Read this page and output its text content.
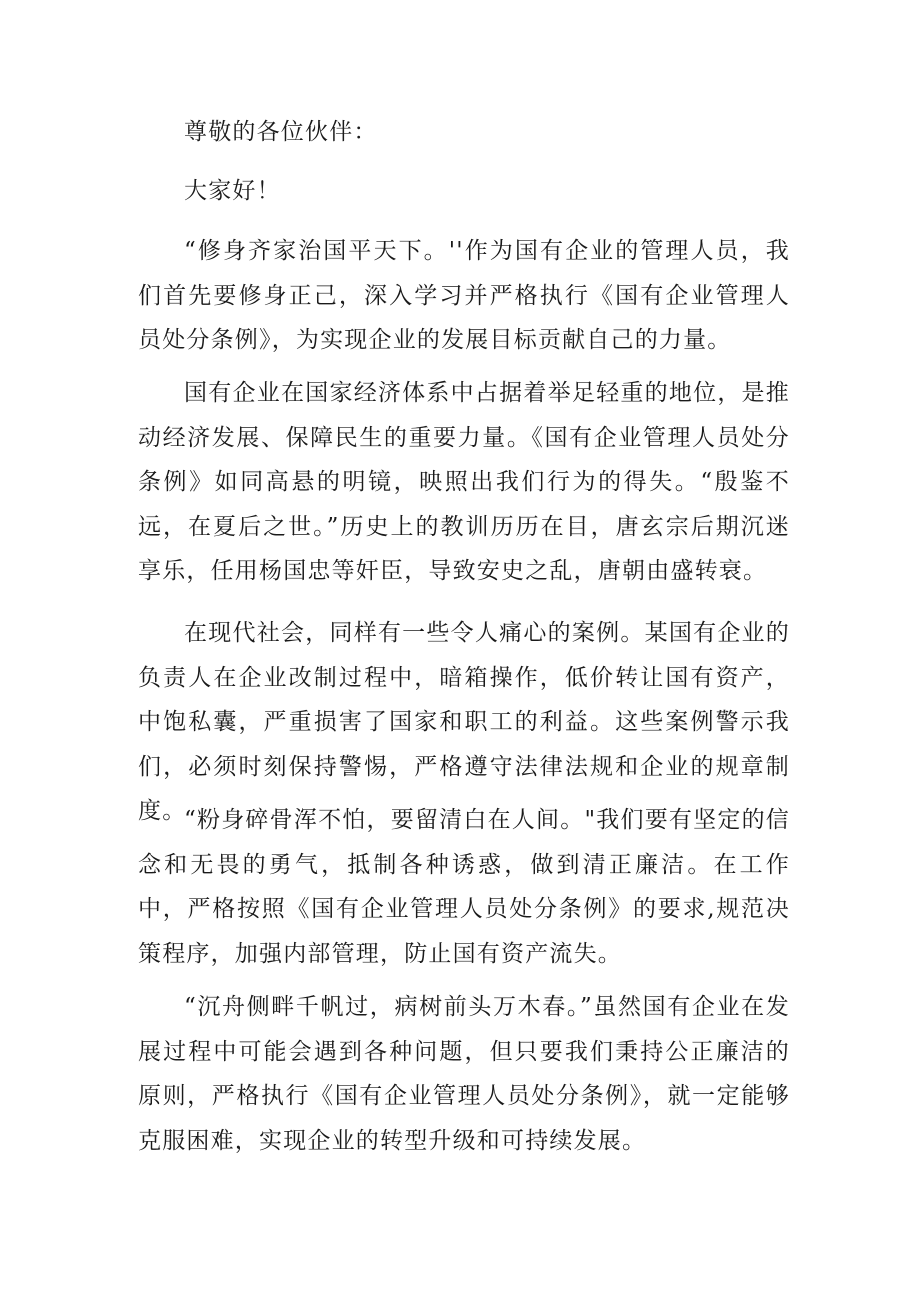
尊敬的各位伙伴：

大家好！

“修身齐家治国平天下。''作为国有企业的管理人员，我们首先要修身正己，深入学习并严格执行《国有企业管理人员处分条例》，为实现企业的发展目标贡献自己的力量。

国有企业在国家经济体系中占据着举足轻重的地位，是推动经济发展、保障民生的重要力量。《国有企业管理人员处分条例》如同高悬的明镜，映照出我们行为的得失。“殷鉴不远，在夏后之世。”历史上的教训历历在目，唐玄宗后期沉迷享乐，任用杨国忠等奸臣，导致安史之乱，唐朝由盛转衰。

在现代社会，同样有一些令人痛心的案例。某国有企业的负责人在企业改制过程中，暗箱操作，低价转让国有资产，中饱私囊，严重损害了国家和职工的利益。这些案例警示我们，必须时刻保持警惕，严格遵守法律法规和企业的规章制度。

“粉身碎骨浑不怕，要留清白在人间。"我们要有坚定的信念和无畏的勇气，抵制各种诱惑，做到清正廉洁。在工作中，严格按照《国有企业管理人员处分条例》的要求,规范决策程序，加强内部管理，防止国有资产流失。

“沉舟侧畔千帆过，病树前头万木春。”虽然国有企业在发展过程中可能会遇到各种问题，但只要我们秉持公正廉洁的原则，严格执行《国有企业管理人员处分条例》，就一定能够克服困难，实现企业的转型升级和可持续发展。
